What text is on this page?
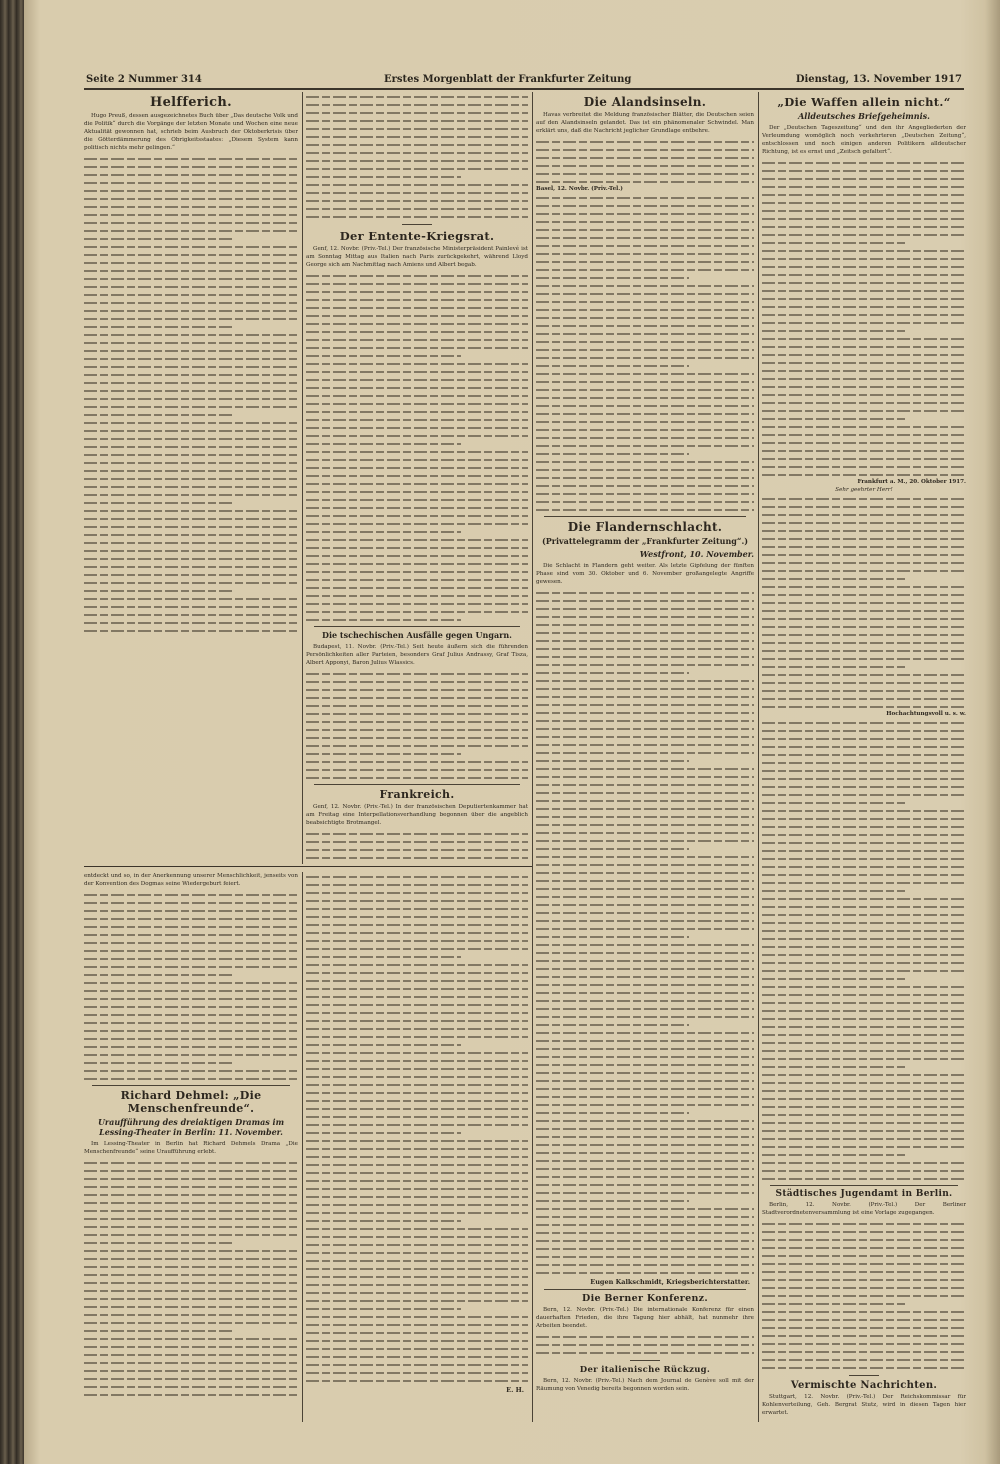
Seite 2 Nummer 314	Erstes Morgenblatt der Frankfurter Zeitung	Dienstag, 13. November 1917
Helfferich.

Hugo Preuß, dessen ausgezeichnetes Buch über „Das deutsche Volk und die Politik“ durch die Vorgänge der letzten Monate und Wochen eine neue Aktualität gewonnen hat, schrieb beim Ausbruch der Oktoberkrisis über die Götterdämmerung des Obrigkeitsstaates: „Diesem System kann politisch nichts mehr gelingen.“

Der Entente-Kriegsrat.

Genf, 12. Novbr. (Priv.-Tel.) Der französische Ministerpräsident Painlevé ist am Sonntag Mittag aus Italien nach Paris zurückgekehrt, während Lloyd George sich am Nachmittag nach Amiens und Albert begab.

Die tschechischen Ausfälle gegen Ungarn.

Budapest, 11. Novbr. (Priv.-Tel.) Seit heute äußern sich die führenden Persönlichkeiten aller Parteien, besonders Graf Julius Andrassy, Graf Tisza, Albert Apponyi, Baron Julius Wlassics.

Frankreich.

Genf, 12. Novbr. (Priv.-Tel.) In der französischen Deputiertenkammer hat am Freitag eine Interpellationsverhandlung begonnen über die angeblich beabsichtigte Brotmangel.

Die Alandsinseln.

Havas verbreitet die Meldung französischer Blätter, die Deutschen seien auf den Alandsinseln gelandet. Das ist ein phänomenaler Schwindel. Man erklärt uns, daß die Nachricht jeglicher Grundlage entbehre.

Basel, 12. Novbr. (Priv.-Tel.)
Die Flandernschlacht.
(Privattelegramm der „Frankfurter Zeitung“.)
Westfront, 10. November.

Die Schlacht in Flandern geht weiter. Als letzte Gipfelung der fünften Phase sind vom 30. Oktober und 6. November großangelegte Angriffe gewesen.

Eugen Kalkschmidt, Kriegsberichterstatter.
Die Berner Konferenz.

Bern, 12. Novbr. (Priv.-Tel.) Die internationale Konferenz für einen dauerhaften Frieden, die ihre Tagung hier abhält, hat nunmehr ihre Arbeiten beendet.

Der italienische Rückzug.

Bern, 12. Novbr. (Priv.-Tel.) Nach dem Journal de Genève soll mit der Räumung von Venedig bereits begonnen worden sein.

„Die Waffen allein nicht.“
Alldeutsches Briefgeheimnis.

Der „Deutschen Tageszeitung“ und den ihr Angegliederten der Verleumdung womöglich noch verkehrteren „Deutschen Zeitung“, entschlossen und noch einigen anderen Politikern alldeutscher Richtung, ist es ernst und „Zeitsch gefaltert“.

Frankfurt a. M., 20. Oktober 1917.
Sehr geehrter Herr!
Hochachtungsvoll u. s. w.
Städtisches Jugendamt in Berlin.

Berlin, 12. Novbr. (Priv.-Tel.) Der Berliner Stadtverordnetenversammlung ist eine Vorlage zugegangen.

Vermischte Nachrichten.

Stuttgart, 12. Novbr. (Priv.-Tel.) Der Reichskommissar für Kohlenverteilung, Geh. Bergrat Stutz, wird in diesen Tagen hier erwartet.

entdeckt und so, in der Anerkennung unserer Menschlichkeit, jenseits von der Konvention des Dogmas seine Wiedergeburt feiert.

Richard Dehmel: „Die Menschenfreunde“.
Uraufführung des dreiaktigen Dramas im Lessing-Theater in Berlin: 11. November.

Im Lessing-Theater in Berlin hat Richard Dehmels Drama „Die Menschenfreunde“ seine Uraufführung erlebt.

E. H.
